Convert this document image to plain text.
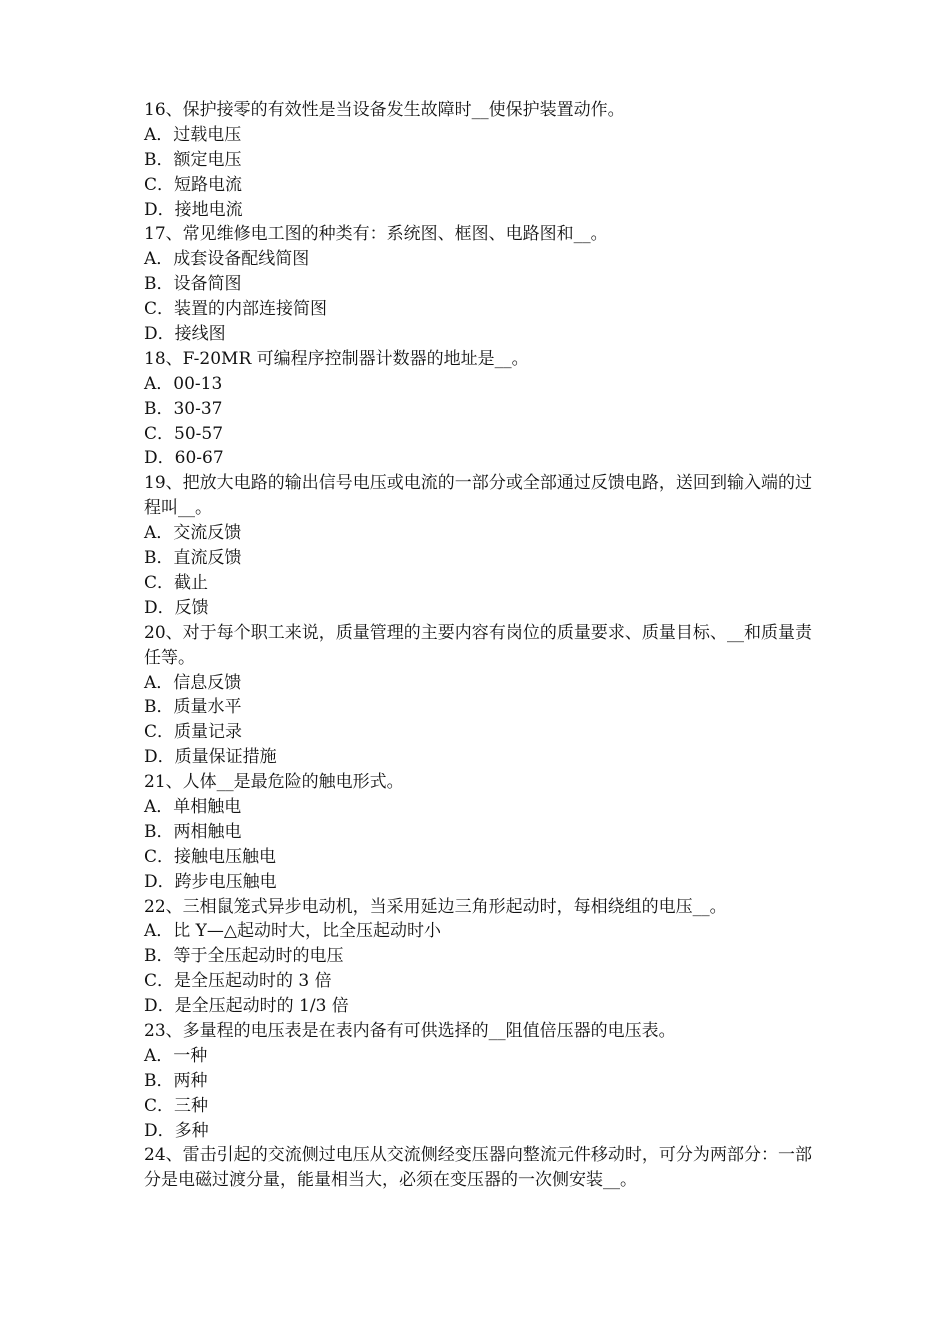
16、保护接零的有效性是当设备发生故障时__使保护装置动作。
A．过载电压
B．额定电压
C．短路电流
D．接地电流
17、常见维修电工图的种类有：系统图、框图、电路图和__。
A．成套设备配线简图
B．设备简图
C．装置的内部连接简图
D．接线图
18、F-20MR 可编程序控制器计数器的地址是__。
A．00-13
B．30-37
C．50-57
D．60-67
19、把放大电路的输出信号电压或电流的一部分或全部通过反馈电路，送回到输入端的过程叫__。
A．交流反馈
B．直流反馈
C．截止
D．反馈
20、对于每个职工来说，质量管理的主要内容有岗位的质量要求、质量目标、__和质量责任等。
A．信息反馈
B．质量水平
C．质量记录
D．质量保证措施
21、人体__是最危险的触电形式。
A．单相触电
B．两相触电
C．接触电压触电
D．跨步电压触电
22、三相鼠笼式异步电动机，当采用延边三角形起动时，每相绕组的电压__。
A．比 Y—△起动时大，比全压起动时小
B．等于全压起动时的电压
C．是全压起动时的 3 倍
D．是全压起动时的 1/3 倍
23、多量程的电压表是在表内备有可供选择的__阻值倍压器的电压表。
A．一种
B．两种
C．三种
D．多种
24、雷击引起的交流侧过电压从交流侧经变压器向整流元件移动时，可分为两部分：一部分是电磁过渡分量，能量相当大，必须在变压器的一次侧安装__。
